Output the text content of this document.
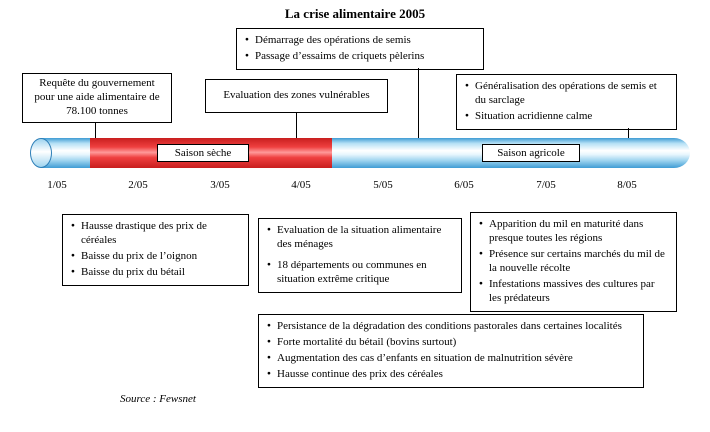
La crise alimentaire 2005
● Démarrage des opérations de semis
● Passage d’essaims de criquets pèlerins
Requête du gouvernement pour une aide alimentaire de 78.100 tonnes
Evaluation des zones vulnérables
● Généralisation des opérations de semis et du sarclage
● Situation acridienne calme
Saison sèche	Saison agricole
1/05	2/05	3/05	4/05	5/05	6/05	7/05	8/05
● Hausse drastique des prix de céréales
● Baisse du prix de l’oignon
● Baisse du prix du bétail
● Evaluation de la situation alimentaire des ménages
● 18 départements ou communes en situation extrême critique
● Apparition du mil en maturité dans presque toutes les régions
● Présence sur certains marchés du mil de la nouvelle récolte
● Infestations massives des cultures par les prédateurs
● Persistance de la dégradation des conditions pastorales dans certaines localités
● Forte mortalité du bétail (bovins surtout)
● Augmentation des cas d’enfants en situation de malnutrition sévère
● Hausse continue des prix des céréales
Source : Fewsnet
